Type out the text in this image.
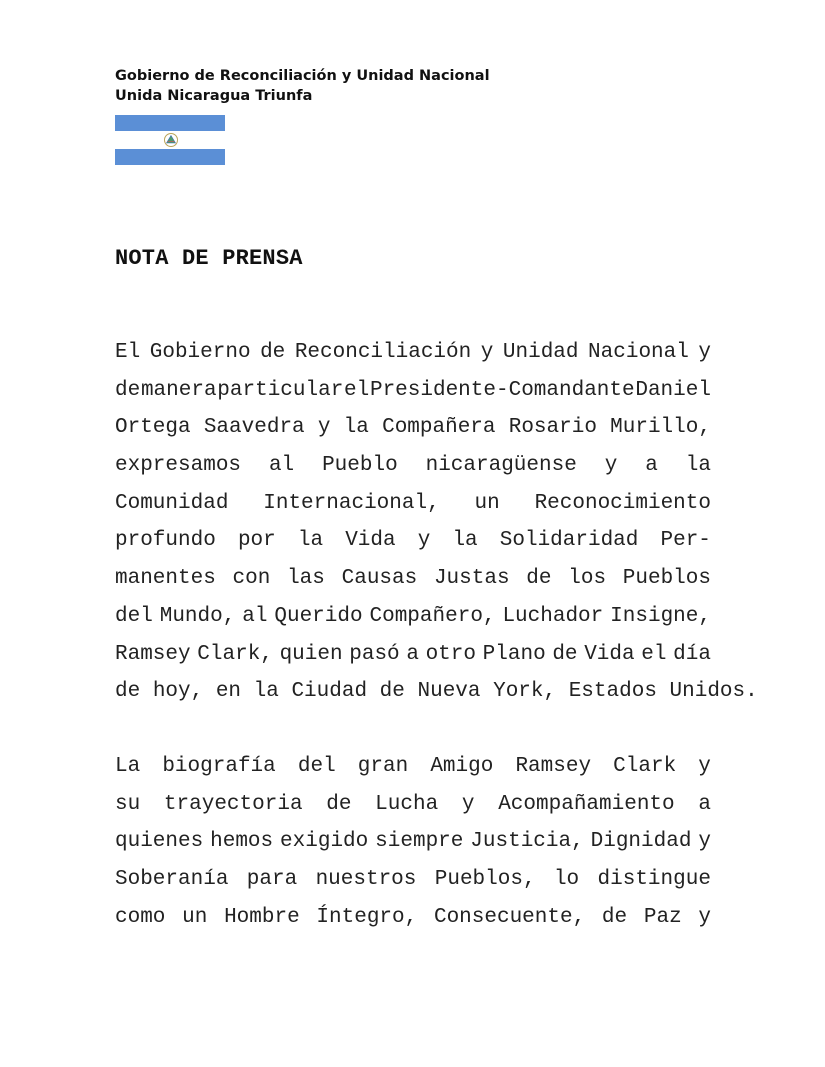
Gobierno de Reconciliación y Unidad Nacional
Unida Nicaragua Triunfa
NOTA DE PRENSA
El Gobierno de Reconciliación y Unidad Nacional y
de manera particular el Presidente-Comandante Daniel
Ortega Saavedra y la Compañera Rosario Murillo,
expresamos al Pueblo nicaragüense y a la
Comunidad Internacional, un Reconocimiento
profundo por la Vida y la Solidaridad Per-
manentes con las Causas Justas de los Pueblos
del Mundo, al Querido Compañero, Luchador Insigne,
Ramsey Clark, quien pasó a otro Plano de Vida el día
de hoy, en la Ciudad de Nueva York, Estados Unidos.
La biografía del gran Amigo Ramsey Clark y
su trayectoria de Lucha y Acompañamiento a
quienes hemos exigido siempre Justicia, Dignidad y
Soberanía para nuestros Pueblos, lo distingue
como un Hombre Íntegro, Consecuente, de Paz y
